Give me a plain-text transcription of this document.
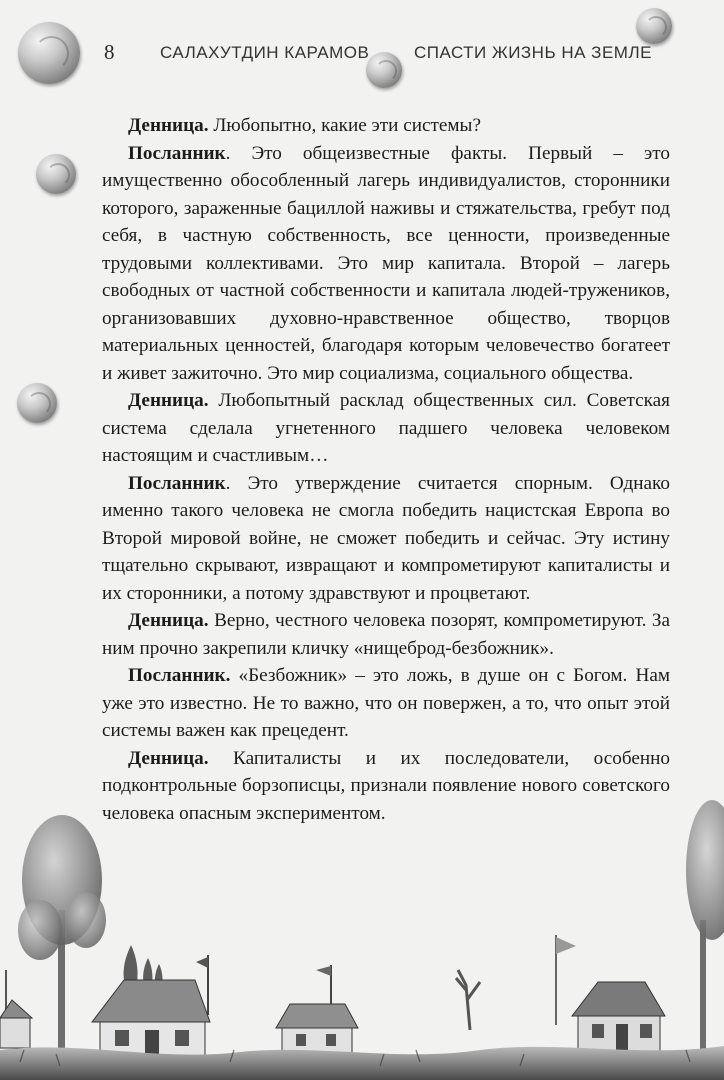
8	САЛАХУТДИН КАРАМОВ	СПАСТИ ЖИЗНЬ НА ЗЕМЛЕ

Денница. Любопытно, какие эти системы?

Посланник. Это общеизвестные факты. Первый – это имущественно обособленный лагерь индивидуалистов, сторонники которого, зараженные бациллой наживы и стяжательства, гребут под себя, в частную собственность, все ценности, произведенные трудовыми коллективами. Это мир капитала. Второй – лагерь свободных от частной собственности и капитала людей-тружеников, организовавших духовно-нравственное общество, творцов материальных ценностей, благодаря которым человечество богатеет и живет зажиточно. Это мир социализма, социального общества.

Денница. Любопытный расклад общественных сил. Советская система сделала угнетенного падшего человека человеком настоящим и счастливым…

Посланник. Это утверждение считается спорным. Однако именно такого человека не смогла победить нацистская Европа во Второй мировой войне, не сможет победить и сейчас. Эту истину тщательно скрывают, извращают и компрометируют капиталисты и их сторонники, а потому здравствуют и процветают.

Денница. Верно, честного человека позорят, компрометируют. За ним прочно закрепили кличку «нищеброд-безбожник».

Посланник. «Безбожник» – это ложь, в душе он с Богом. Нам уже это известно. Не то важно, что он повержен, а то, что опыт этой системы важен как прецедент.

Денница. Капиталисты и их последователи, особенно подконтрольные борзописцы, признали появление нового советского человека опасным экспериментом.
